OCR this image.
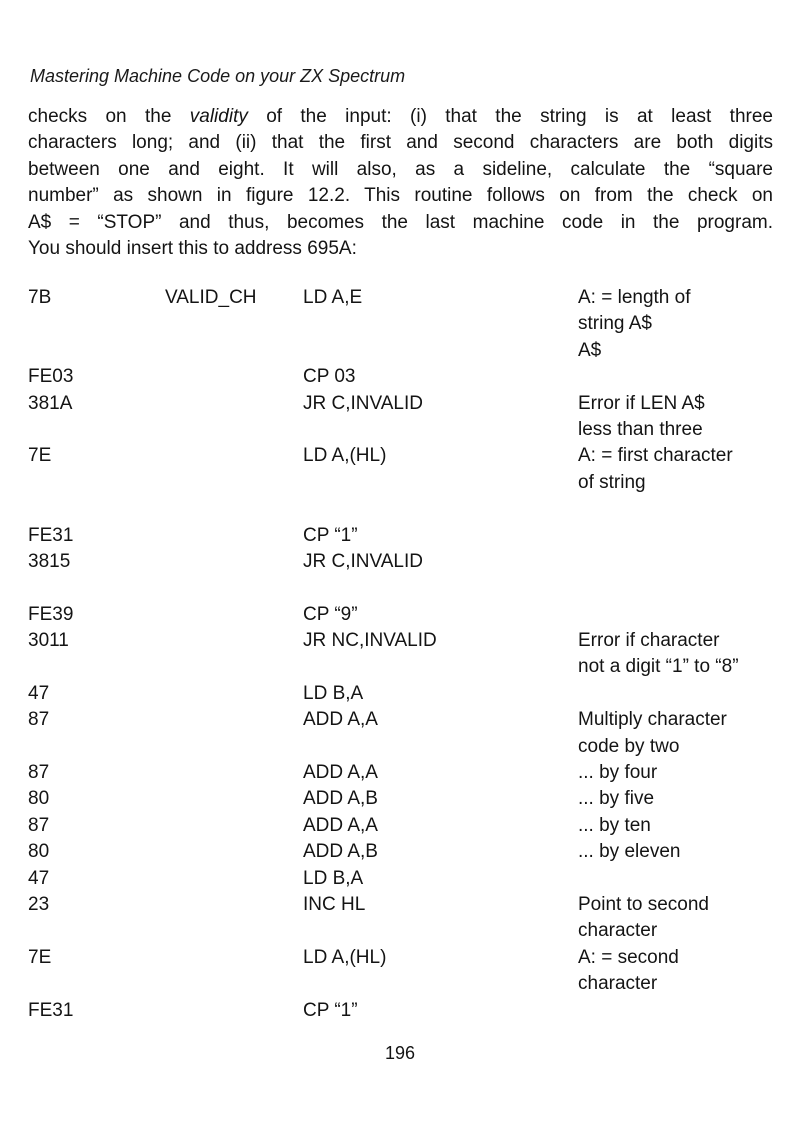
Mastering Machine Code on your ZX Spectrum
checks on the validity of the input: (i) that the string is at least three
characters long; and (ii) that the first and second characters are both digits
between one and eight. It will also, as a sideline, calculate the “square
number” as shown in figure 12.2. This routine follows on from the check on
A$ = “STOP” and thus, becomes the last machine code in the program.
You should insert this to address 695A:
7B	VALID_CH	LD A,E	A: = length of
string A$
A$
FE03	CP 03
381A	JR C,INVALID	Error if LEN A$
less than three
7E	LD A,(HL)	A: = first character
of string
FE31	CP “1”
3815	JR C,INVALID
FE39	CP “9”
3011	JR NC,INVALID	Error if character
not a digit “1” to “8”
47	LD B,A
87	ADD A,A	Multiply character
code by two
87	ADD A,A	... by four
80	ADD A,B	... by five
87	ADD A,A	... by ten
80	ADD A,B	... by eleven
47	LD B,A
23	INC HL	Point to second
character
7E	LD A,(HL)	A: = second
character
FE31	CP “1”
196
